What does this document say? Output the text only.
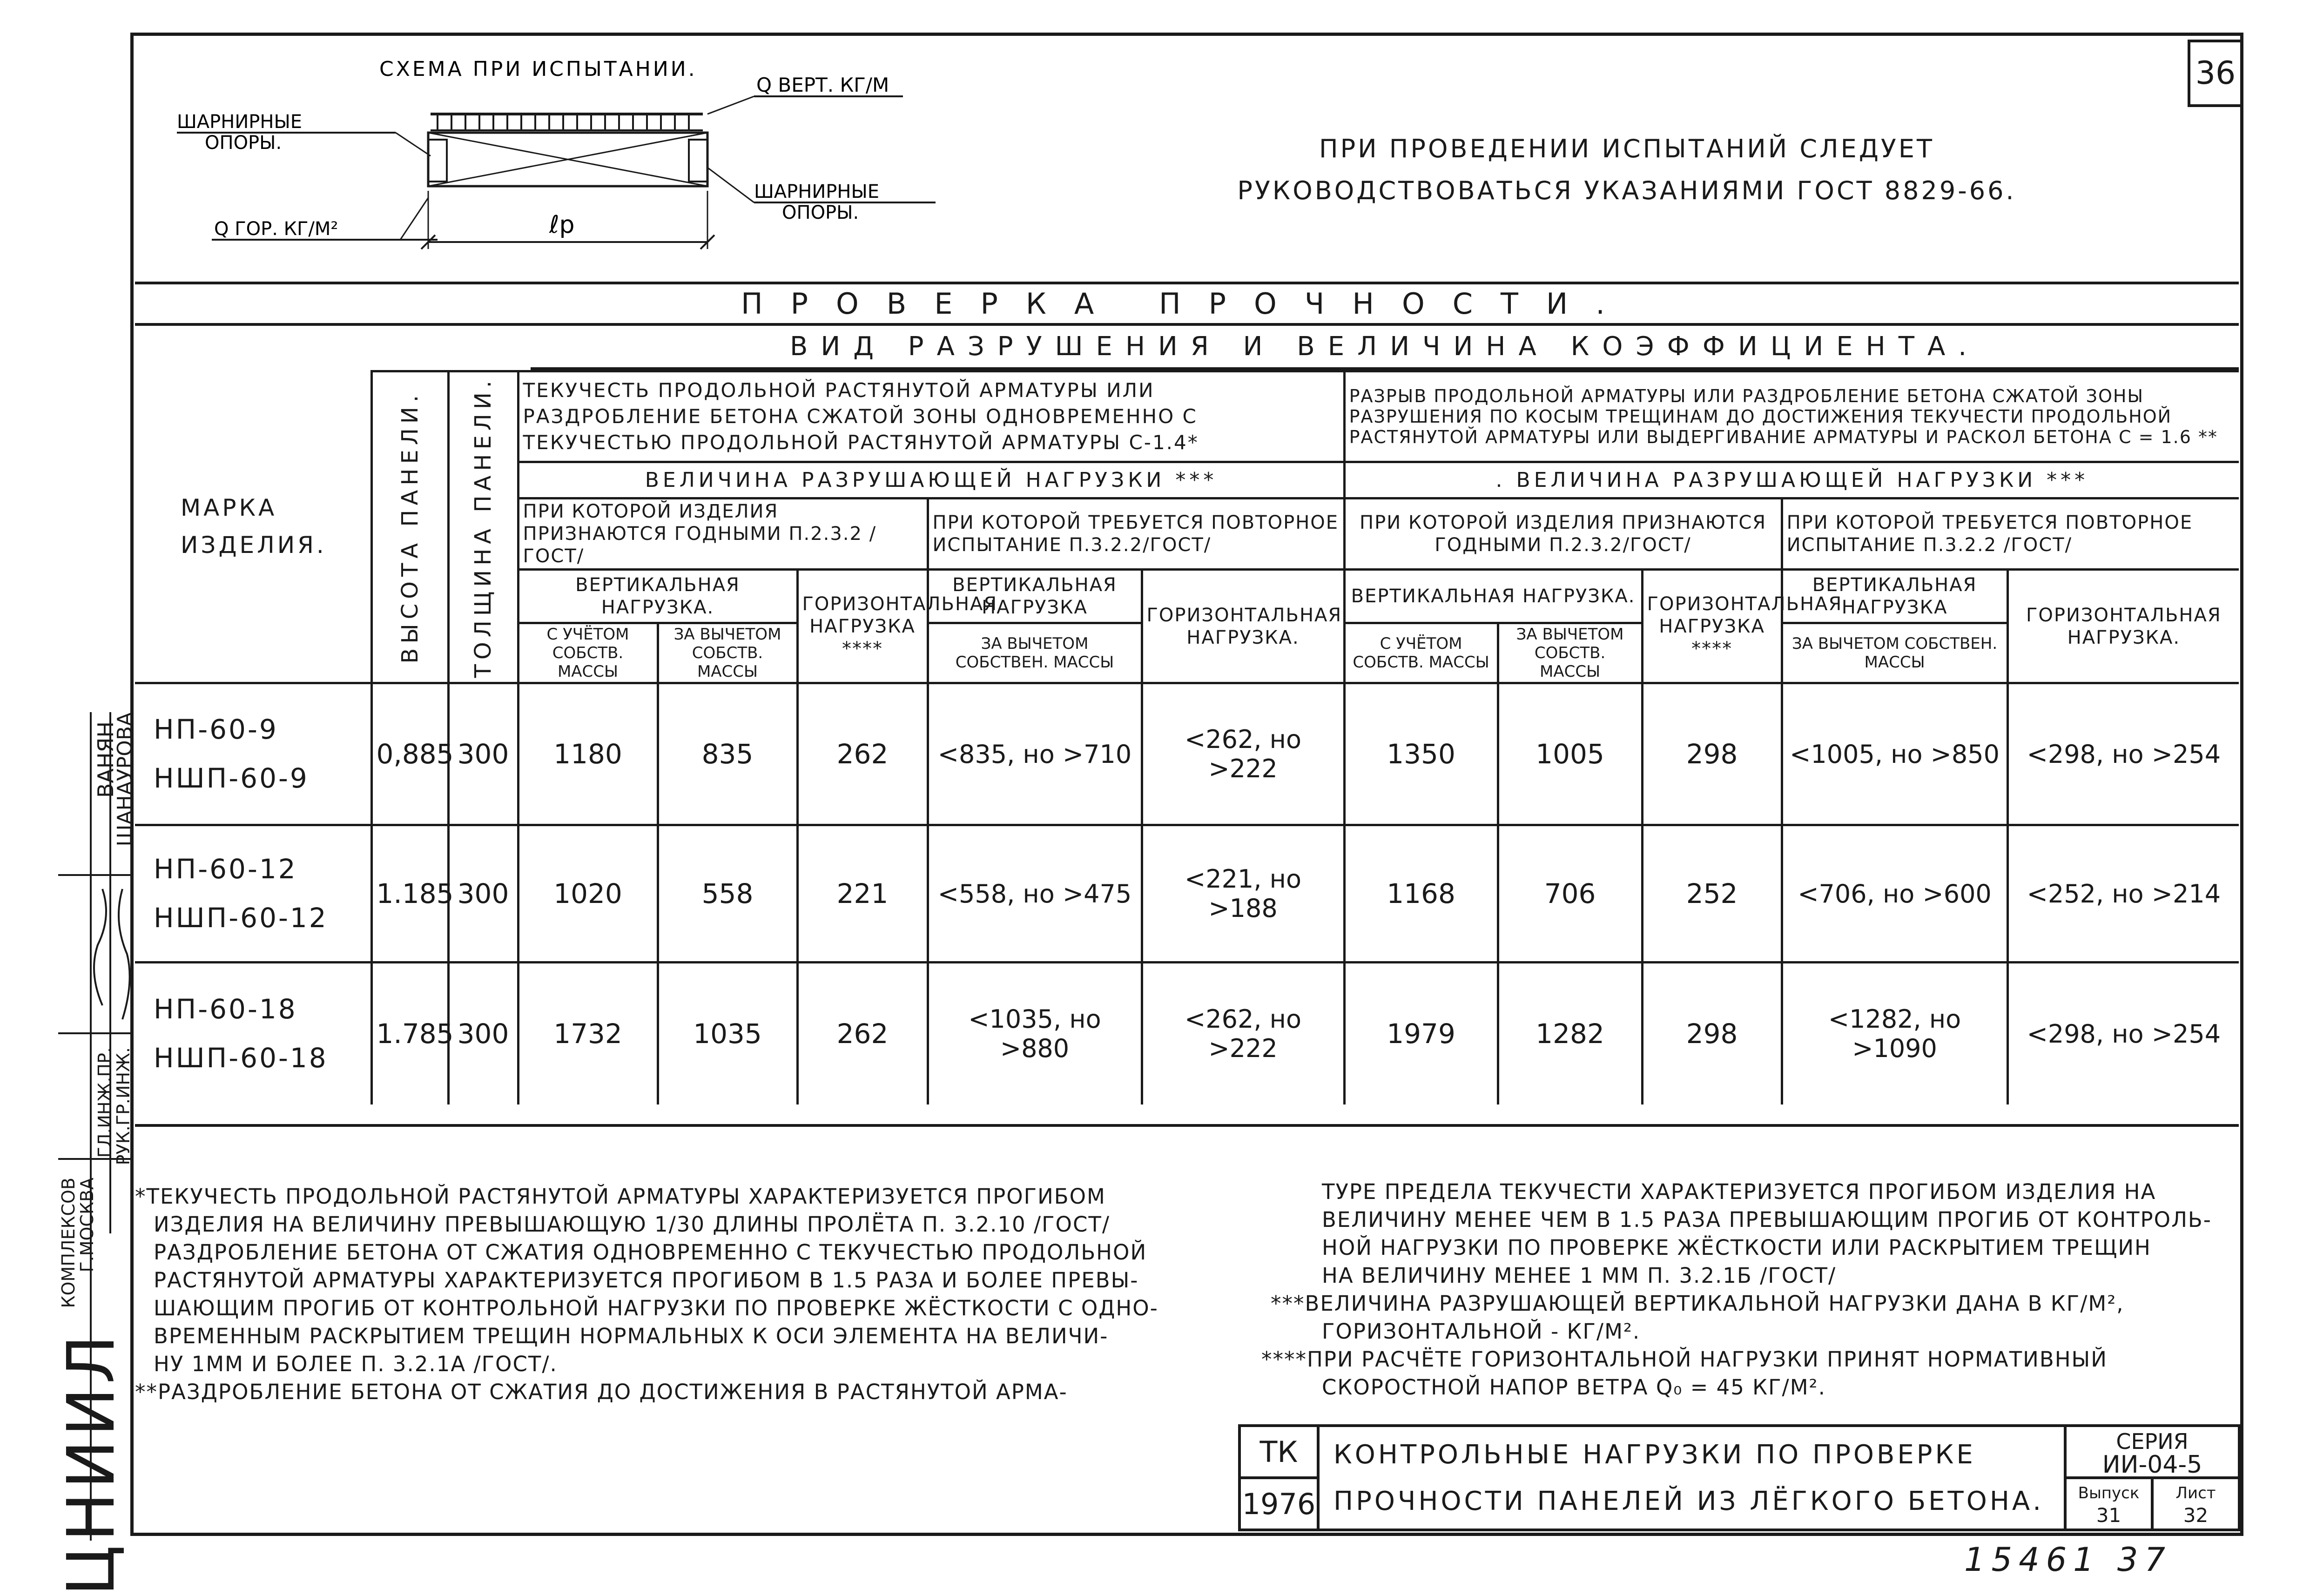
36
СХЕМА ПРИ ИСПЫТАНИИ.
Q ВЕРТ. КГ/М
ШАРНИРНЫЕ
ОПОРЫ.
ШАРНИРНЫЕ
ОПОРЫ.
Q ГОР. КГ/М²	ℓр
ПРИ ПРОВЕДЕНИИ ИСПЫТАНИЙ СЛЕДУЕТ
РУКОВОДСТВОВАТЬСЯ УКАЗАНИЯМИ ГОСТ 8829-66.
ПРОВЕРКА ПРОЧНОСТИ.
ВИД РАЗРУШЕНИЯ И ВЕЛИЧИНА КОЭФФИЦИЕНТА.
МАРКА
ИЗДЕЛИЯ.	ВЫСОТА ПАНЕЛИ.	ТОЛЩИНА ПАНЕЛИ.	ТЕКУЧЕСТЬ ПРОДОЛЬНОЙ РАСТЯНУТОЙ АРМАТУРЫ ИЛИ РАЗДРОБЛЕНИЕ БЕТОНА СЖАТОЙ ЗОНЫ ОДНОВРЕМЕННО С ТЕКУЧЕСТЬЮ ПРОДОЛЬНОЙ РАСТЯНУТОЙ АРМАТУРЫ С-1.4*					РАЗРЫВ ПРОДОЛЬНОЙ АРМАТУРЫ ИЛИ РАЗДРОБЛЕНИЕ БЕТОНА СЖАТОЙ ЗОНЫ РАЗРУШЕНИЯ ПО КОСЫМ ТРЕЩИНАМ ДО ДОСТИЖЕНИЯ ТЕКУЧЕСТИ ПРОДОЛЬНОЙ РАСТЯНУТОЙ АРМАТУРЫ ИЛИ ВЫДЕРГИВАНИЕ АРМАТУРЫ И РАСКОЛ БЕТОНА С = 1.6 **				
			ВЕЛИЧИНА РАЗРУШАЮЩЕЙ НАГРУЗКИ ***					. ВЕЛИЧИНА РАЗРУШАЮЩЕЙ НАГРУЗКИ ***				
			ПРИ КОТОРОЙ ИЗДЕЛИЯ ПРИЗНАЮТСЯ ГОДНЫМИ П.2.3.2 /ГОСТ/			ПРИ КОТОРОЙ ТРЕБУЕТСЯ ПОВТОРНОЕ ИСПЫТАНИЕ П.3.2.2/ГОСТ/		ПРИ КОТОРОЙ ИЗДЕЛИЯ ПРИЗНАЮТСЯ ГОДНЫМИ П.2.3.2/ГОСТ/			ПРИ КОТОРОЙ ТРЕБУЕТСЯ ПОВТОРНОЕ ИСПЫТАНИЕ П.3.2.2 /ГОСТ/	
			ВЕРТИКАЛЬНАЯ НАГРУЗКА.		ГОРИЗОНТАЛЬНАЯ НАГРУЗКА ****	ВЕРТИКАЛЬНАЯ НАГРУЗКА	ГОРИЗОНТАЛЬНАЯ НАГРУЗКА.	ВЕРТИКАЛЬНАЯ НАГРУЗКА.		ГОРИЗОНТАЛЬНАЯ НАГРУЗКА ****	ВЕРТИКАЛЬНАЯ НАГРУЗКА	ГОРИЗОНТАЛЬНАЯ НАГРУЗКА.
			С УЧЁТОМ СОБСТВ. МАССЫ	ЗА ВЫЧЕТОМ СОБСТВ. МАССЫ		ЗА ВЫЧЕТОМ СОБСТВЕН. МАССЫ		С УЧЁТОМ СОБСТВ. МАССЫ	ЗА ВЫЧЕТОМ СОБСТВ. МАССЫ		ЗА ВЫЧЕТОМ СОБСТВЕН. МАССЫ	

НП-60-9
НШП-60-9	0,885	300	1180	835	262	<835, но >710	<262, но >222	1350	1005	298	<1005, но >850	<298, но >254

НП-60-12
НШП-60-12	1.185	300	1020	558	221	<558, но >475	<221, но >188	1168	706	252	<706, но >600	<252, но >214

НП-60-18
НШП-60-18	1.785	300	1732	1035	262	<1035, но >880	<262, но >222	1979	1282	298	<1282, но >1090	<298, но >254
*ТЕКУЧЕСТЬ ПРОДОЛЬНОЙ РАСТЯНУТОЙ АРМАТУРЫ ХАРАКТЕРИЗУЕТСЯ ПРОГИБОМ
ИЗДЕЛИЯ НА ВЕЛИЧИНУ ПРЕВЫШАЮЩУЮ 1/30 ДЛИНЫ ПРОЛЁТА П. 3.2.10 /ГОСТ/
РАЗДРОБЛЕНИЕ БЕТОНА ОТ СЖАТИЯ ОДНОВРЕМЕННО С ТЕКУЧЕСТЬЮ ПРОДОЛЬНОЙ
РАСТЯНУТОЙ АРМАТУРЫ ХАРАКТЕРИЗУЕТСЯ ПРОГИБОМ В 1.5 РАЗА И БОЛЕЕ ПРЕВЫ-
ШАЮЩИМ ПРОГИБ ОТ КОНТРОЛЬНОЙ НАГРУЗКИ ПО ПРОВЕРКЕ ЖЁСТКОСТИ С ОДНО-
ВРЕМЕННЫМ РАСКРЫТИЕМ ТРЕЩИН НОРМАЛЬНЫХ К ОСИ ЭЛЕМЕНТА НА ВЕЛИЧИ-
НУ 1ММ И БОЛЕЕ П. 3.2.1А /ГОСТ/.
**РАЗДРОБЛЕНИЕ БЕТОНА ОТ СЖАТИЯ ДО ДОСТИЖЕНИЯ В РАСТЯНУТОЙ АРМА-
ТУРЕ ПРЕДЕЛА ТЕКУЧЕСТИ ХАРАКТЕРИЗУЕТСЯ ПРОГИБОМ ИЗДЕЛИЯ НА
ВЕЛИЧИНУ МЕНЕЕ ЧЕМ В 1.5 РАЗА ПРЕВЫШАЮЩИМ ПРОГИБ ОТ КОНТРОЛЬ-
НОЙ НАГРУЗКИ ПО ПРОВЕРКЕ ЖЁСТКОСТИ ИЛИ РАСКРЫТИЕМ ТРЕЩИН
НА ВЕЛИЧИНУ МЕНЕЕ 1 ММ П. 3.2.1Б /ГОСТ/
***ВЕЛИЧИНА РАЗРУШАЮЩЕЙ ВЕРТИКАЛЬНОЙ НАГРУЗКИ ДАНА В КГ/М²,
ГОРИЗОНТАЛЬНОЙ - КГ/М².
****ПРИ РАСЧЁТЕ ГОРИЗОНТАЛЬНОЙ НАГРУЗКИ ПРИНЯТ НОРМАТИВНЫЙ
СКОРОСТНОЙ НАПОР ВЕТРА Q₀ = 45 КГ/М².
ТК
1976
КОНТРОЛЬНЫЕ НАГРУЗКИ ПО ПРОВЕРКЕ
ПРОЧНОСТИ ПАНЕЛЕЙ ИЗ ЛЁГКОГО БЕТОНА.
СЕРИЯ
ИИ-04-5
Выпуск
31
Лист
32
15461 37
ЦНИИЛ
КОМПЛЕКСОВ
Г.МОСКВА
ГЛ.ИНЖ.ПР.
РУК.ГР.ИНЖ.
ВАНЯН
ШАНАУРОВА
